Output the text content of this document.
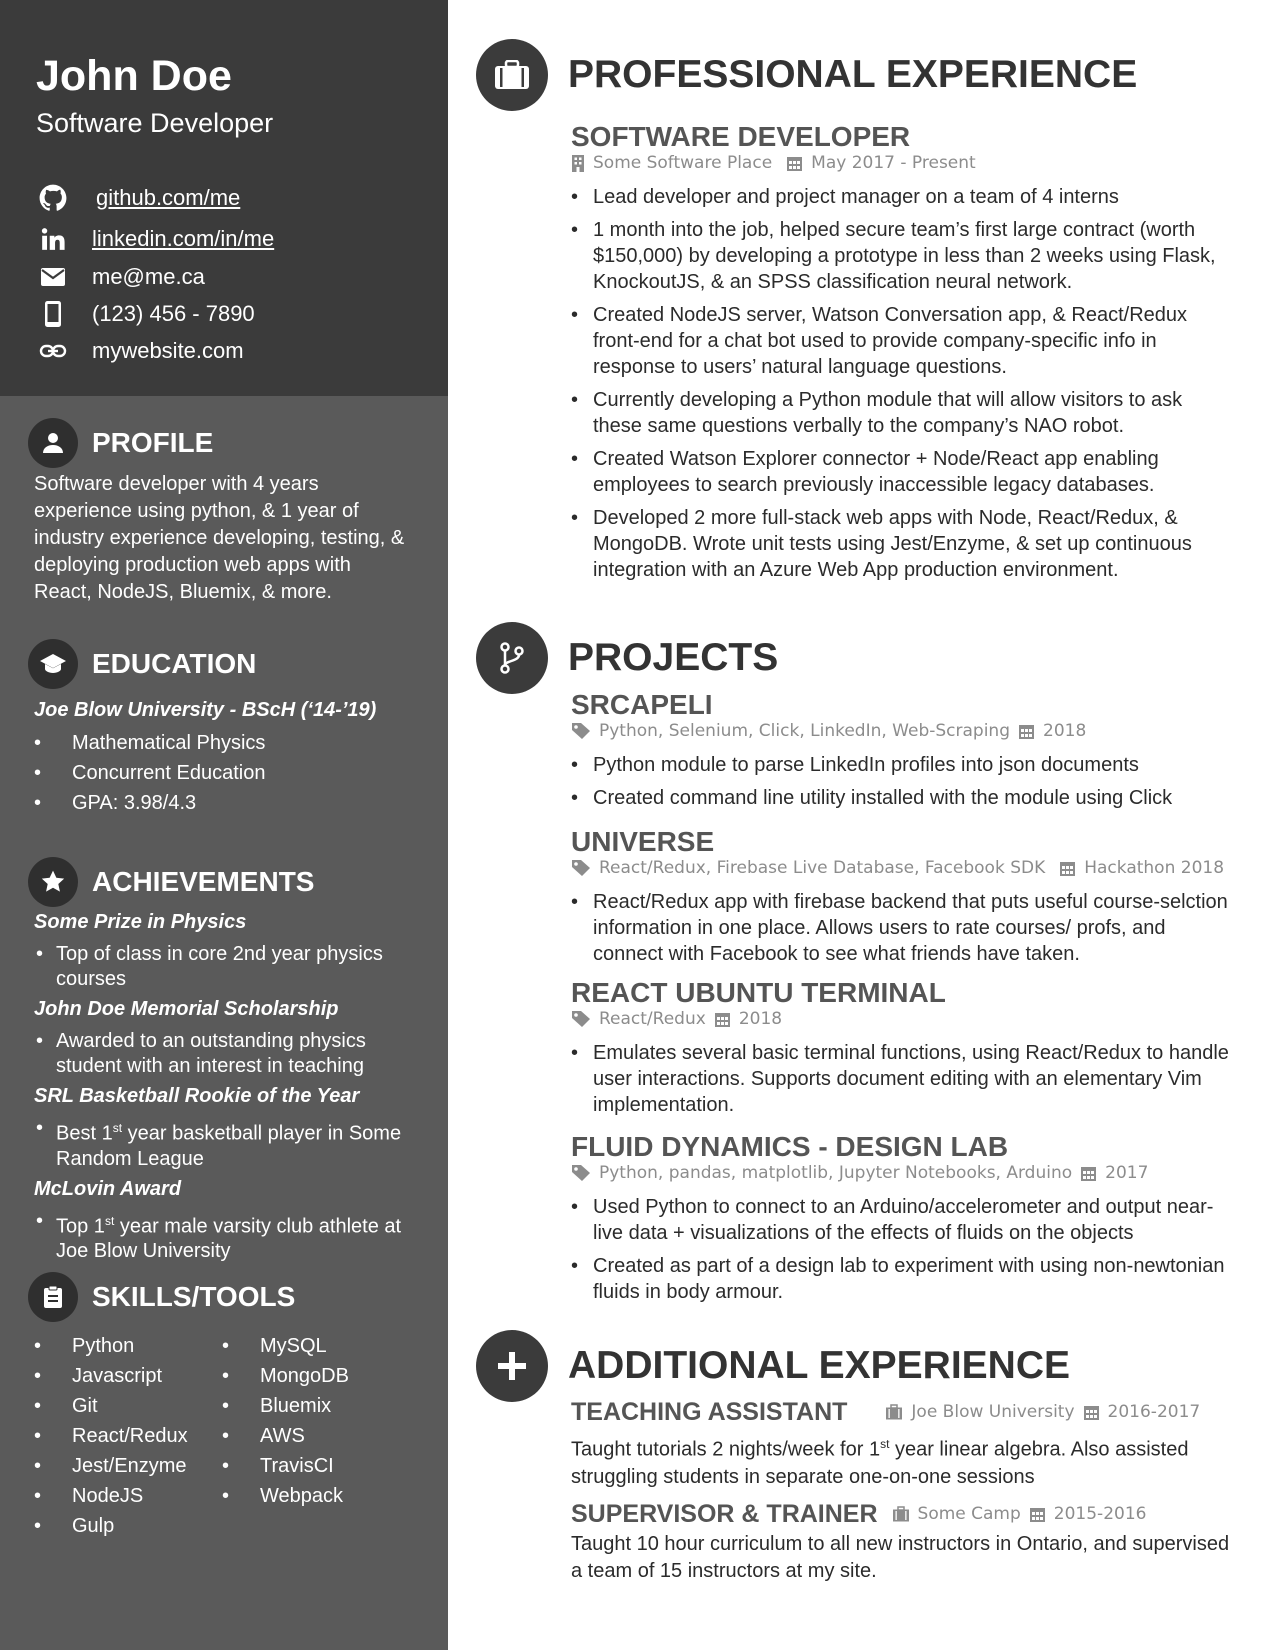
John Doe
Software Developer
github.com/me
linkedin.com/in/me
me@me.ca
(123) 456 - 7890
mywebsite.com
PROFILE
Software developer with 4 years experience using python, & 1 year of industry experience developing, testing, & deploying production web apps with React, NodeJS, Bluemix, & more.
EDUCATION
Joe Blow University - BScH (‘14-’19)
• Mathematical Physics
• Concurrent Education
• GPA: 3.98/4.3
ACHIEVEMENTS
Some Prize in Physics
• Top of class in core 2nd year physics courses
John Doe Memorial Scholarship
• Awarded to an outstanding physics student with an interest in teaching
SRL Basketball Rookie of the Year
• Best 1st year basketball player in Some Random League
McLovin Award
• Top 1st year male varsity club athlete at Joe Blow University
SKILLS/TOOLS
• Python
• Javascript
• Git
• React/Redux
• Jest/Enzyme
• NodeJS
• Gulp
• MySQL
• MongoDB
• Bluemix
• AWS
• TravisCI
• Webpack
PROFESSIONAL EXPERIENCE
SOFTWARE DEVELOPER
Some Software Place May 2017 - Present
• Lead developer and project manager on a team of 4 interns
• 1 month into the job, helped secure team’s first large contract (worth $150,000) by developing a prototype in less than 2 weeks using Flask, KnockoutJS, & an SPSS classification neural network.
• Created NodeJS server, Watson Conversation app, & React/Redux front-end for a chat bot used to provide company-specific info in response to users’ natural language questions.
• Currently developing a Python module that will allow visitors to ask these same questions verbally to the company’s NAO robot.
• Created Watson Explorer connector + Node/React app enabling employees to search previously inaccessible legacy databases.
• Developed 2 more full-stack web apps with Node, React/Redux, & MongoDB. Wrote unit tests using Jest/Enzyme, & set up continuous integration with an Azure Web App production environment.
PROJECTS
SRCAPELI
Python, Selenium, Click, LinkedIn, Web-Scraping 2018
• Python module to parse LinkedIn profiles into json documents
• Created command line utility installed with the module using Click
UNIVERSE
React/Redux, Firebase Live Database, Facebook SDK Hackathon 2018
• React/Redux app with firebase backend that puts useful course-selction information in one place. Allows users to rate courses/ profs, and connect with Facebook to see what friends have taken.
REACT UBUNTU TERMINAL
React/Redux 2018
• Emulates several basic terminal functions, using React/Redux to handle user interactions. Supports document editing with an elementary Vim implementation.
FLUID DYNAMICS - DESIGN LAB
Python, pandas, matplotlib, Jupyter Notebooks, Arduino 2017
• Used Python to connect to an Arduino/accelerometer and output near-live data + visualizations of the effects of fluids on the objects
• Created as part of a design lab to experiment with using non-newtonian fluids in body armour.
ADDITIONAL EXPERIENCE
TEACHING ASSISTANT	Joe Blow University 2016-2017
Taught tutorials 2 nights/week for 1st year linear algebra. Also assisted struggling students in separate one-on-one sessions
SUPERVISOR & TRAINER Some Camp 2015-2016
Taught 10 hour curriculum to all new instructors in Ontario, and supervised a team of 15 instructors at my site.
